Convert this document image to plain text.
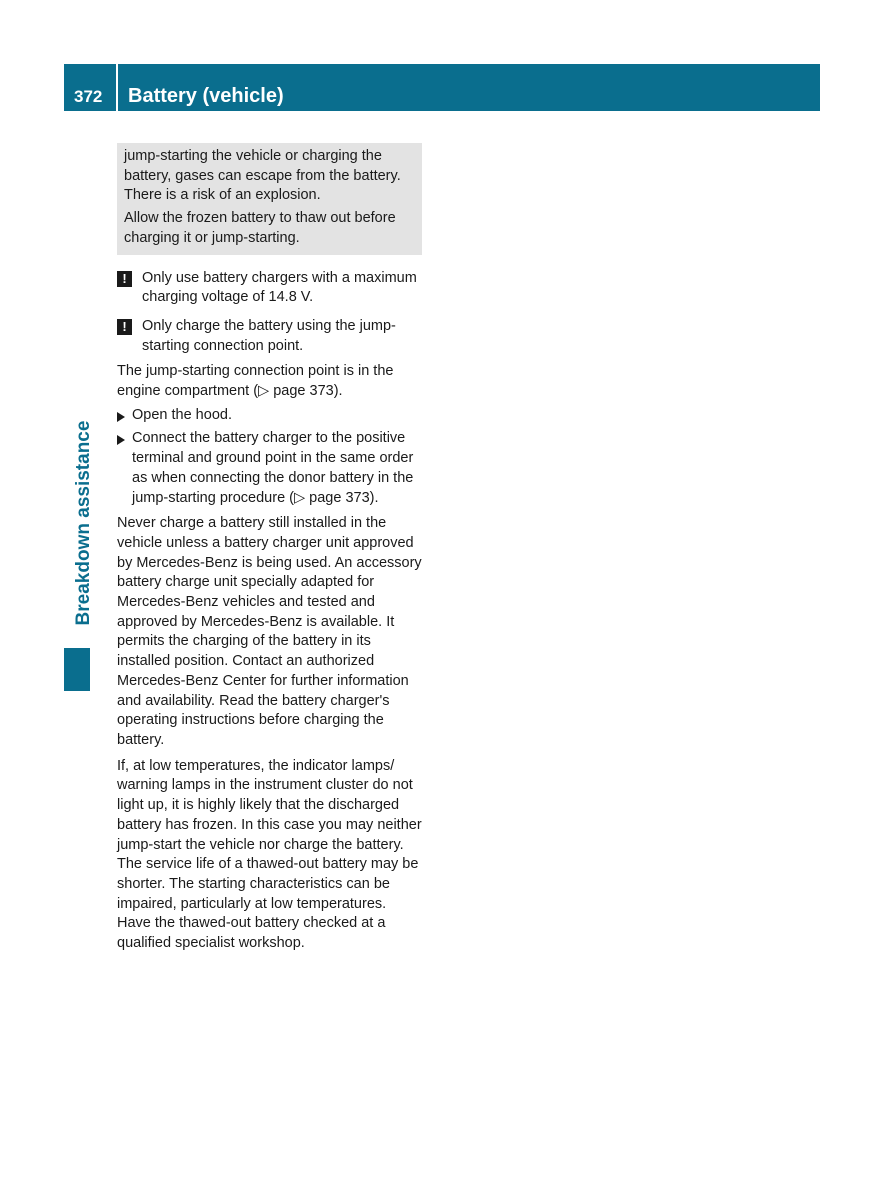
372 Battery (vehicle)
Breakdown assistance

jump-starting the vehicle or charging the battery, gases can escape from the battery. There is a risk of an explosion.

Allow the frozen battery to thaw out before charging it or jump-starting.

!	Only use battery chargers with a maximum charging voltage of 14.8 V.
!	Only charge the battery using the jump-starting connection point.

The jump-starting connection point is in the engine compartment (▷ page 373).

Open the hood.
Connect the battery charger to the positive terminal and ground point in the same order as when connecting the donor battery in the jump-starting procedure (▷ page 373).

Never charge a battery still installed in the vehicle unless a battery charger unit approved by Mercedes-Benz is being used. An accessory battery charge unit specially adapted for Mercedes-Benz vehicles and tested and approved by Mercedes-Benz is available. It permits the charging of the battery in its installed position. Contact an authorized Mercedes-Benz Center for further information and availability. Read the battery charger's operating instructions before charging the battery.

If, at low temperatures, the indicator lamps/ warning lamps in the instrument cluster do not light up, it is highly likely that the discharged battery has frozen. In this case you may neither jump-start the vehicle nor charge the battery. The service life of a thawed-out battery may be shorter. The starting characteristics can be impaired, particularly at low temperatures. Have the thawed-out battery checked at a qualified specialist workshop.
